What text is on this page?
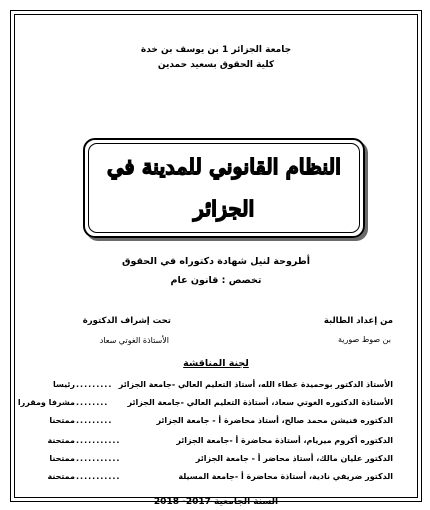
جامعة الجزائر 1 بن يوسف بن خدة
كلية الحقوق بسعيد حمدين
النظام القانوني للمدينة في
الجزائر
أطروحة لنيل شهادة دكتوراه في الحقوق
تخصص : قانون عام
من إعداد الطالبة
بن صوط صورية
تحت إشراف الدكتورة
الأستاذة الغوتي سعاد
لجنة المناقشة
الأستاذ الدكتور بوحميدة عطاء الله، أستاذ التعليم العالي -جامعة الجزائر
.........
رئيسا
الأستاذة الدكتوره الغوتي سعاد، أستاذة التعليم العالي -جامعة الجزائر
........
مشرفا ومقررا
الدكتوره فنيشن محمد صالح، أستاذ محاضرة أ - جامعة الجزائر
.........
ممتحنا
الدكتوره أكروم ميريام، أستاذة محاضرة أ -جامعة الجزائر
...........
ممتحنة
الدكتور عليان مالك، أستاذ محاضر أ - جامعة الجزائر
...........
ممتحنا
الدكتور ضريفي نادية، أستاذة محاضرة أ -جامعة المسيلة
...........
ممتحنة
السنة الجامعية 2017- 2018
